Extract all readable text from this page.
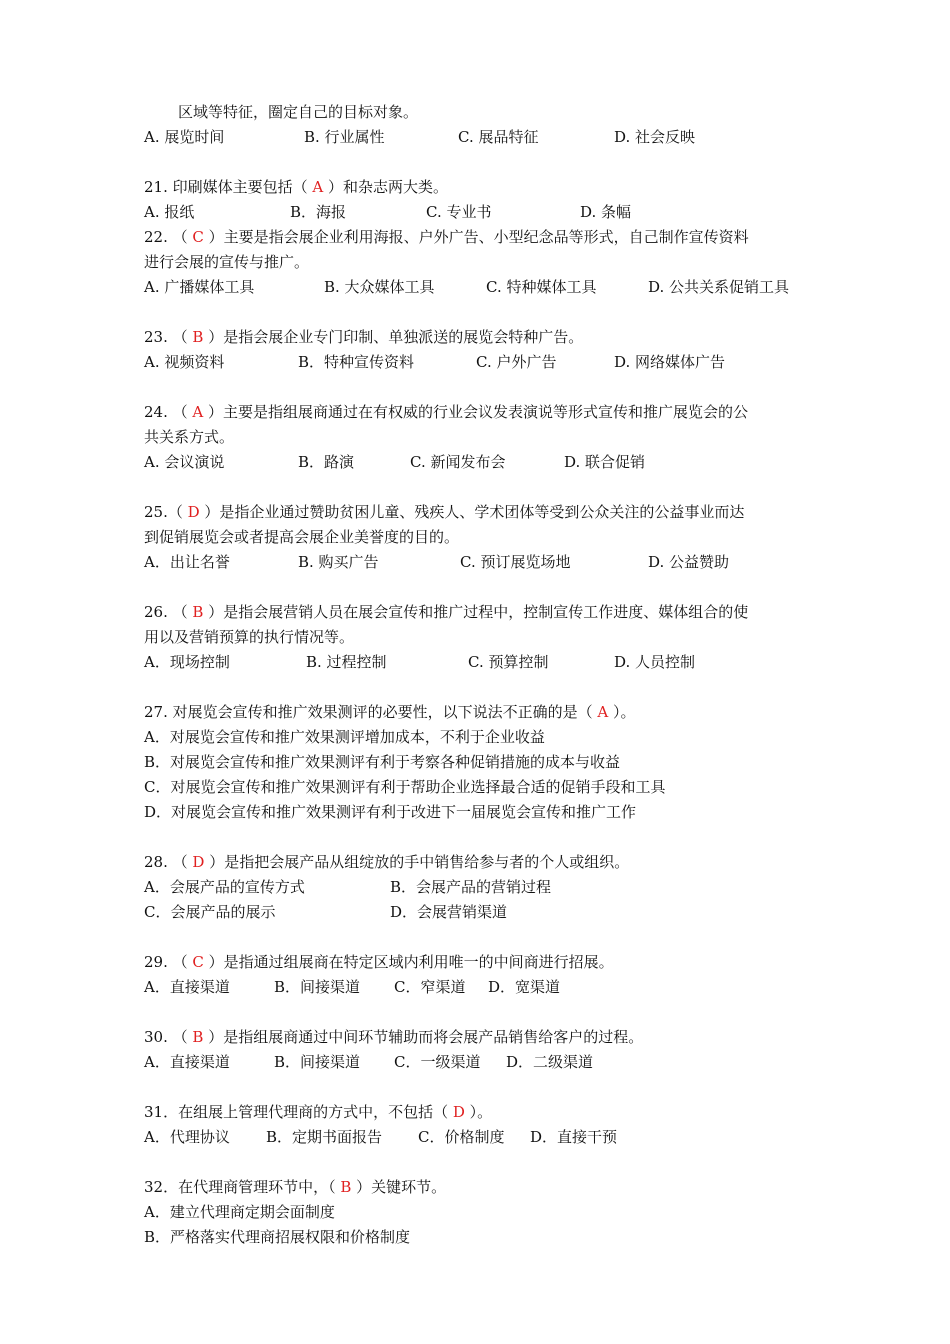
区域等特征，圈定自己的目标对象。
A. 展览时间	B. 行业属性	C. 展品特征	D. 社会反映
21. 印刷媒体主要包括（ A ）和杂志两大类。
A. 报纸	B．海报	C. 专业书	D. 条幅
22. （ C ）主要是指会展企业利用海报、户外广告、小型纪念品等形式，自己制作宣传资料
进行会展的宣传与推广。
A. 广播媒体工具	B. 大众媒体工具	C. 特种媒体工具	D. 公共关系促销工具
23. （ B ）是指会展企业专门印制、单独派送的展览会特种广告。
A. 视频资料	B．特种宣传资料	C. 户外广告	D. 网络媒体广告
24. （ A ）主要是指组展商通过在有权威的行业会议发表演说等形式宣传和推广展览会的公
共关系方式。
A. 会议演说	B．路演	C. 新闻发布会	D. 联合促销
25.（ D ）是指企业通过赞助贫困儿童、残疾人、学术团体等受到公众关注的公益事业而达
到促销展览会或者提高会展企业美誉度的目的。
A．出让名誉	B. 购买广告	C. 预订展览场地	D. 公益赞助
26. （ B ）是指会展营销人员在展会宣传和推广过程中，控制宣传工作进度、媒体组合的使
用以及营销预算的执行情况等。
A．现场控制	B. 过程控制	C. 预算控制	D. 人员控制
27. 对展览会宣传和推广效果测评的必要性，以下说法不正确的是（ A ）。
A．对展览会宣传和推广效果测评增加成本，不利于企业收益
B．对展览会宣传和推广效果测评有利于考察各种促销措施的成本与收益
C．对展览会宣传和推广效果测评有利于帮助企业选择最合适的促销手段和工具
D．对展览会宣传和推广效果测评有利于改进下一届展览会宣传和推广工作
28. （ D ）是指把会展产品从组绽放的手中销售给参与者的个人或组织。
A．会展产品的宣传方式	B．会展产品的营销过程
C．会展产品的展示	D．会展营销渠道
29. （ C ）是指通过组展商在特定区域内利用唯一的中间商进行招展。
A．直接渠道	B．间接渠道 C．窄渠道 D．宽渠道
30. （ B ）是指组展商通过中间环节辅助而将会展产品销售给客户的过程。
A．直接渠道	B．间接渠道 C．一级渠道 D．二级渠道
31．在组展上管理代理商的方式中，不包括（ D ）。
A．代理协议 B．定期书面报告 C．价格制度 D．直接干预
32．在代理商管理环节中，（ B ）关键环节。
A．建立代理商定期会面制度
B．严格落实代理商招展权限和价格制度
